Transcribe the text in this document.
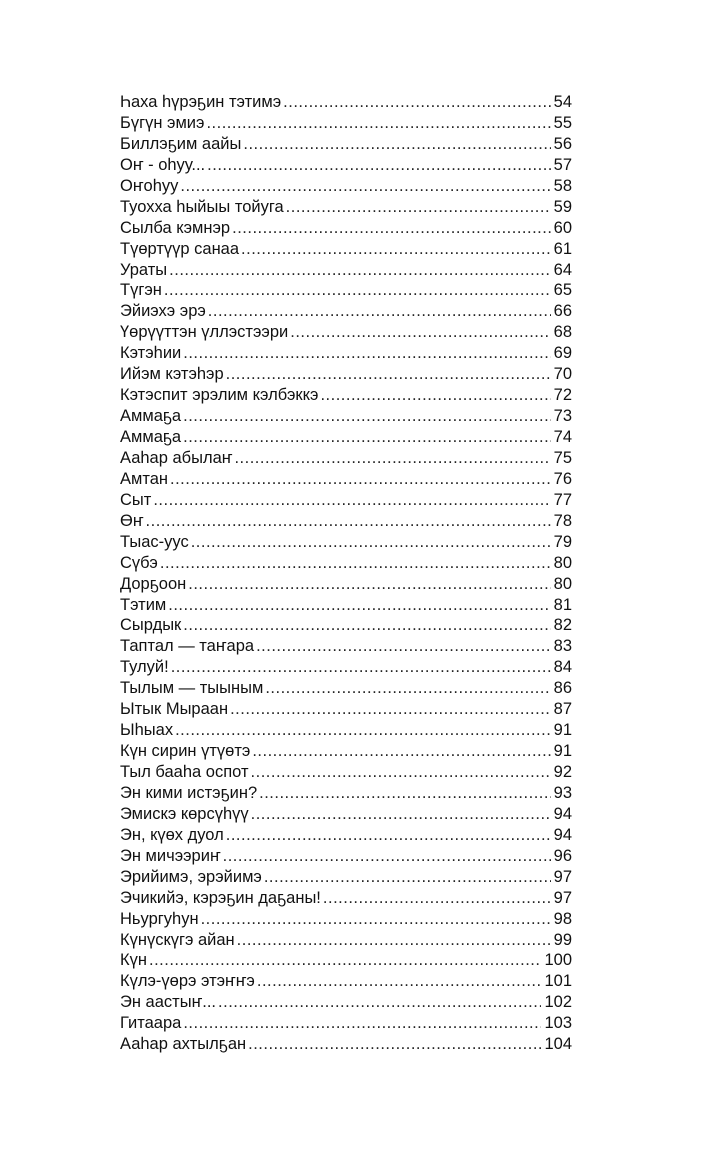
Һаха һүрэҕин тэтимэ .....	54
Бүгүн эмиэ .....	55
Биллэҕим аайы .....	56
Оҥ - оһуу... .....	57
Оҥоһуу .....	58
Туохха һыйыы тойуга .....	59
Сылба кэмнэр .....	60
Түөртүүр санаа .....	61
Ураты .....	64
Түгэн .....	65
Эйиэхэ эрэ .....	66
Үөрүүттэн үллэстээри .....	68
Кэтэһии .....	69
Ийэм кэтэһэр .....	70
Кэтэспит эрэлим кэлбэккэ .....	72
Аммаҕа .....	73
Аммаҕа .....	74
Ааһар абылаҥ .....	75
Амтан .....	76
Сыт .....	77
Өҥ .....	78
Тыас-уус .....	79
Сүбэ .....	80
Дорҕоон .....	80
Тэтим .....	81
Сырдык .....	82
Таптал — таҥара .....	83
Тулуй! .....	84
Тылым — тыыным .....	86
Ытык Мыраан .....	87
Ыһыах .....	91
Күн сирин үтүөтэ .....	91
Тыл бааһа оспот .....	92
Эн кими истэҕин? .....	93
Эмискэ көрсүһүү .....	94
Эн, күөх дуол .....	94
Эн мичээриҥ .....	96
Эрийимэ, эрэйимэ .....	97
Эчикийэ, кэрэҕин даҕаны! .....	97
Ньургуһун .....	98
Күнүскүгэ айан .....	99
Күн .....	100
Күлэ-үөрэ этэҥҥэ .....	101
Эн аастыҥ... .....	102
Гитаара .....	103
Ааһар ахтылҕан .....	104
